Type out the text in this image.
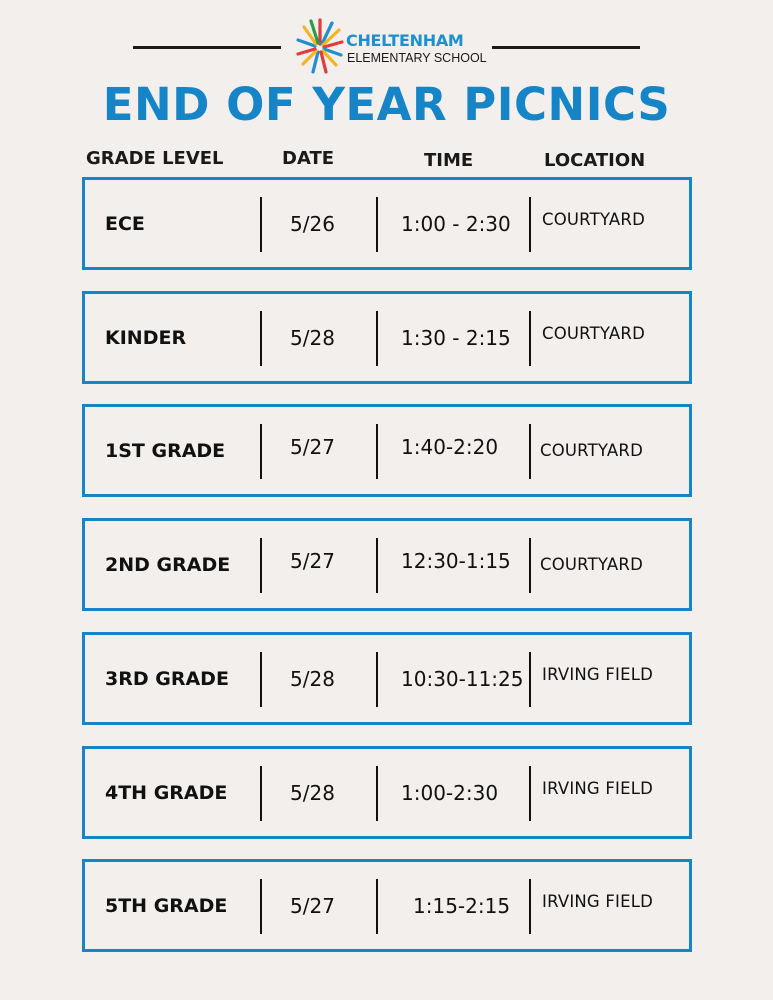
CHELTENHAM
ELEMENTARY SCHOOL
END OF YEAR PICNICS
GRADE LEVEL	DATE	TIME	LOCATION
ECE	5/26	1:00 - 2:30 COURTYARD
KINDER	5/28	1:30 - 2:15 COURTYARD
1ST GRADE	5/27	1:40-2:20	COURTYARD
2ND GRADE	5/27	12:30-1:15 COURTYARD
3RD GRADE	5/28	10:30-11:25 IRVING FIELD
4TH GRADE	5/28	1:00-2:30	IRVING FIELD
5TH GRADE	5/27	1:15-2:15 IRVING FIELD
